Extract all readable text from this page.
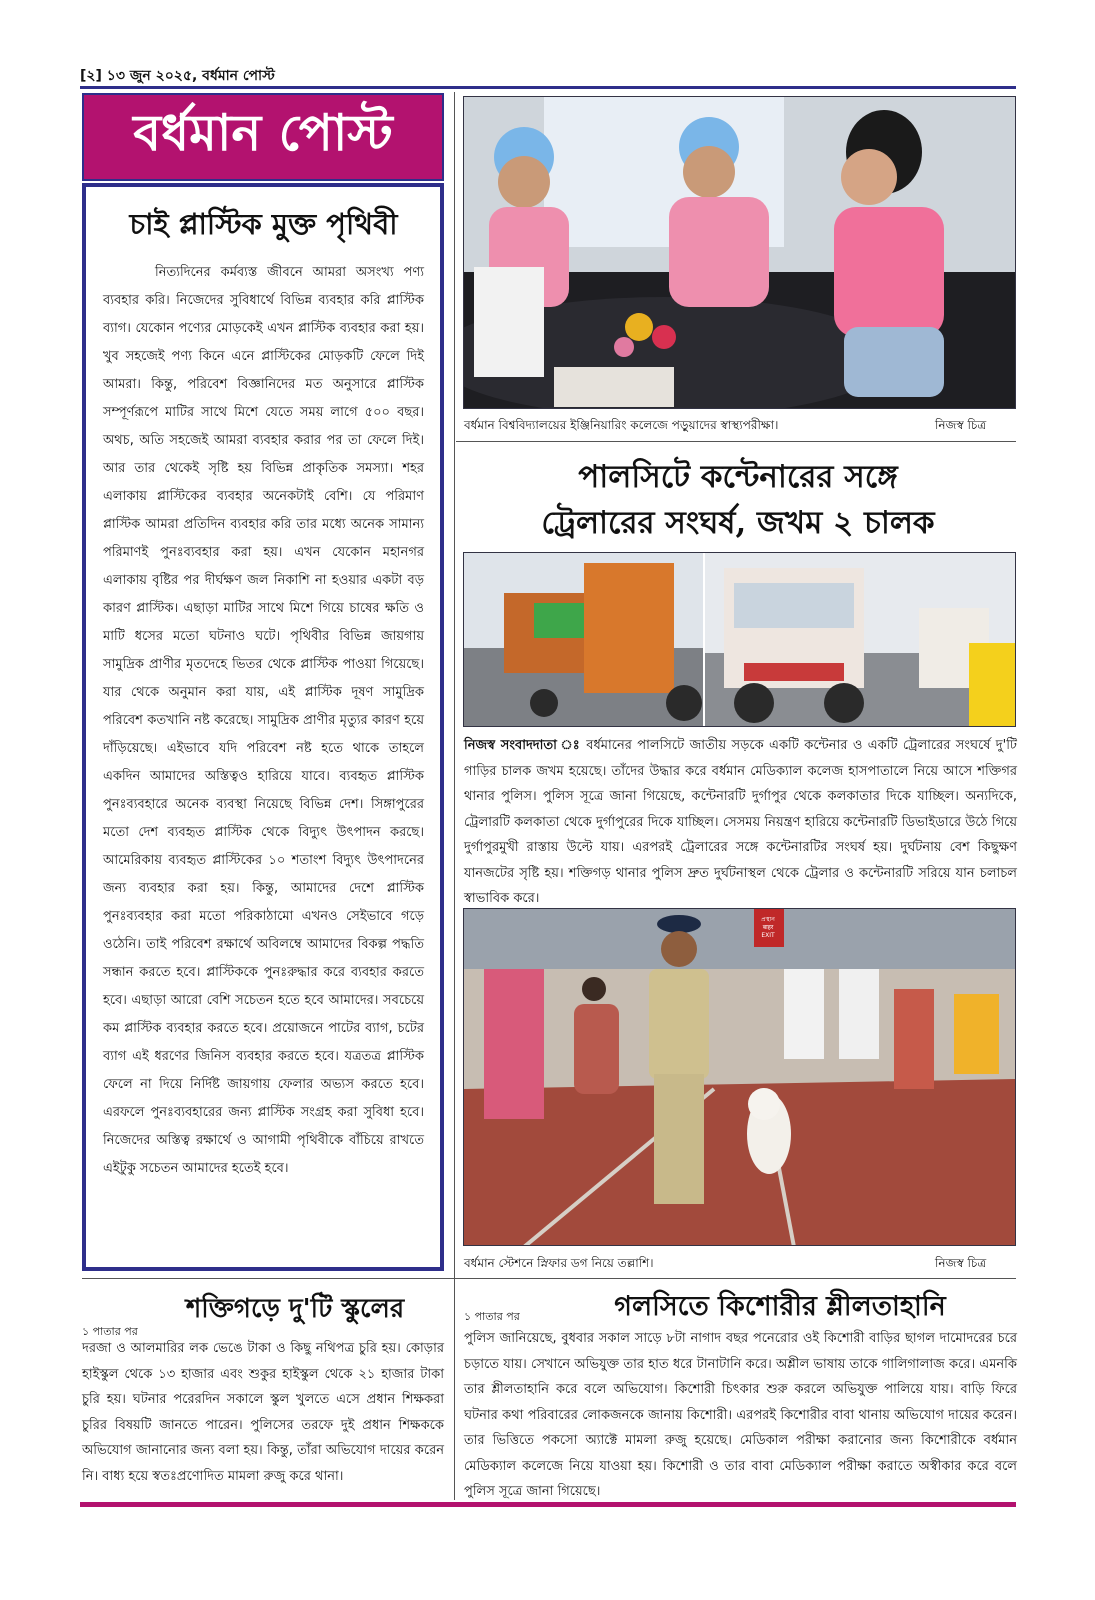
[২] ১৩ জুন ২০২৫, বর্ধমান পোস্ট
বর্ধমান পোস্ট
চাই প্লাস্টিক মুক্ত পৃথিবী
নিত্যদিনের কর্মব্যস্ত জীবনে আমরা অসংখ্য পণ্য ব্যবহার করি। নিজেদের সুবিধার্থে বিভিন্ন ব্যবহার করি প্লাস্টিক ব্যাগ। যেকোন পণ্যের মোড়কেই এখন প্লাস্টিক ব্যবহার করা হয়। খুব সহজেই পণ্য কিনে এনে প্লাস্টিকের মোড়কটি ফেলে দিই আমরা। কিন্তু, পরিবেশ বিজ্ঞানিদের মত অনুসারে প্লাস্টিক সম্পূর্ণরূপে মাটির সাথে মিশে যেতে সময় লাগে ৫০০ বছর। অথচ, অতি সহজেই আমরা ব্যবহার করার পর তা ফেলে দিই। আর তার থেকেই সৃষ্টি হয় বিভিন্ন প্রাকৃতিক সমস্যা। শহর এলাকায় প্লাস্টিকের ব্যবহার অনেকটাই বেশি। যে পরিমাণ প্লাস্টিক আমরা প্রতিদিন ব্যবহার করি তার মধ্যে অনেক সামান্য পরিমাণই পুনঃব্যবহার করা হয়। এখন যেকোন মহানগর এলাকায় বৃষ্টির পর দীর্ঘক্ষণ জল নিকাশি না হওয়ার একটা বড় কারণ প্লাস্টিক। এছাড়া মাটির সাথে মিশে গিয়ে চাষের ক্ষতি ও মাটি ধসের মতো ঘটনাও ঘটে। পৃথিবীর বিভিন্ন জায়গায় সামুদ্রিক প্রাণীর মৃতদেহে ভিতর থেকে প্লাস্টিক পাওয়া গিয়েছে। যার থেকে অনুমান করা যায়, এই প্লাস্টিক দূষণ সামুদ্রিক পরিবেশ কতখানি নষ্ট করেছে। সামুদ্রিক প্রাণীর মৃত্যুর কারণ হয়ে দাঁড়িয়েছে। এইভাবে যদি পরিবেশ নষ্ট হতে থাকে তাহলে একদিন আমাদের অস্তিত্বও হারিয়ে যাবে। ব্যবহৃত প্লাস্টিক পুনঃব্যবহারে অনেক ব্যবস্থা নিয়েছে বিভিন্ন দেশ। সিঙ্গাপুরের মতো দেশ ব্যবহৃত প্লাস্টিক থেকে বিদ্যুৎ উৎপাদন করছে। আমেরিকায় ব্যবহৃত প্লাস্টিকের ১০ শতাংশ বিদ্যুৎ উৎপাদনের জন্য ব্যবহার করা হয়। কিন্তু, আমাদের দেশে প্লাস্টিক পুনঃব্যবহার করা মতো পরিকাঠামো এখনও সেইভাবে গড়ে ওঠেনি। তাই পরিবেশ রক্ষার্থে অবিলম্বে আমাদের বিকল্প পদ্ধতি সন্ধান করতে হবে। প্লাস্টিককে পুনঃরুদ্ধার করে ব্যবহার করতে হবে। এছাড়া আরো বেশি সচেতন হতে হবে আমাদের। সবচেয়ে কম প্লাস্টিক ব্যবহার করতে হবে। প্রয়োজনে পাটের ব্যাগ, চটের ব্যাগ এই ধরণের জিনিস ব্যবহার করতে হবে। যত্রতত্র প্লাস্টিক ফেলে না দিয়ে নির্দিষ্ট জায়গায় ফেলার অভ্যস করতে হবে। এরফলে পুনঃব্যবহারের জন্য প্লাস্টিক সংগ্রহ করা সুবিধা হবে। নিজেদের অস্তিত্ব রক্ষার্থে ও আগামী পৃথিবীকে বাঁচিয়ে রাখতে এইটুকু সচেতন আমাদের হতেই হবে।
বর্ধমান বিশ্ববিদ্যালয়ের ইঞ্জিনিয়ারিং কলেজে পড়ুয়াদের স্বাস্থ্যপরীক্ষা।	নিজস্ব চিত্র
পালসিটে কন্টেনারের সঙ্গে
ট্রেলারের সংঘর্ষ, জখম ২ চালক
নিজস্ব সংবাদদাতা ঃ বর্ধমানের পালসিটে জাতীয় সড়কে একটি কন্টেনার ও একটি ট্রেলারের সংঘর্ষে দু'টি গাড়ির চালক জখম হয়েছে। তাঁদের উদ্ধার করে বর্ধমান মেডিক্যাল কলেজ হাসপাতালে নিয়ে আসে শক্তিগর থানার পুলিস। পুলিস সূত্রে জানা গিয়েছে, কন্টেনারটি দুর্গাপুর থেকে কলকাতার দিকে যাচ্ছিল। অন্যদিকে, ট্রেলারটি কলকাতা থেকে দুর্গাপুরের দিকে যাচ্ছিল। সেসময় নিয়ন্ত্রণ হারিয়ে কন্টেনারটি ডিভাইডারে উঠে গিয়ে দুর্গাপুরমুখী রাস্তায় উল্টে যায়। এরপরই ট্রেলারের সঙ্গে কন্টেনারটির সংঘর্ষ হয়। দুর্ঘটনায় বেশ কিছুক্ষণ যানজটের সৃষ্টি হয়। শক্তিগড় থানার পুলিস দ্রুত দুর্ঘটনাস্থল থেকে ট্রেলার ও কন্টেনারটি সরিয়ে যান চলাচল স্বাভাবিক করে।
প্রস্থান
बाहर
EXIT
বর্ধমান স্টেশনে স্নিফার ডগ নিয়ে তল্লাশি।	নিজস্ব চিত্র
শক্তিগড়ে দু'টি স্কুলের
১ পাতার পর
দরজা ও আলমারির লক ভেঙে টাকা ও কিছু নথিপত্র চুরি হয়। কোড়ার হাইস্কুল থেকে ১৩ হাজার এবং শুকুর হাইস্কুল থেকে ২১ হাজার টাকা চুরি হয়। ঘটনার পরেরদিন সকালে স্কুল খুলতে এসে প্রধান শিক্ষকরা চুরির বিষয়টি জানতে পারেন। পুলিসের তরফে দুই প্রধান শিক্ষককে অভিযোগ জানানোর জন্য বলা হয়। কিন্তু, তাঁরা অভিযোগ দায়ের করেন নি। বাধ্য হয়ে স্বতঃপ্রণোদিত মামলা রুজু করে থানা।
১ পাতার পর	গলসিতে কিশোরীর শ্লীলতাহানি
পুলিস জানিয়েছে, বুধবার সকাল সাড়ে ৮টা নাগাদ বছর পনেরোর ওই কিশোরী বাড়ির ছাগল দামোদরের চরে চড়াতে যায়। সেখানে অভিযুক্ত তার হাত ধরে টানাটানি করে। অশ্লীল ভাষায় তাকে গালিগালাজ করে। এমনকি তার শ্লীলতাহানি করে বলে অভিযোগ। কিশোরী চিৎকার শুরু করলে অভিযুক্ত পালিয়ে যায়। বাড়ি ফিরে ঘটনার কথা পরিবারের লোকজনকে জানায় কিশোরী। এরপরই কিশোরীর বাবা থানায় অভিযোগ দায়ের করেন। তার ভিত্তিতে পকসো অ্যাক্টে মামলা রুজু হয়েছে। মেডিকাল পরীক্ষা করানোর জন্য কিশোরীকে বর্ধমান মেডিক্যাল কলেজে নিয়ে যাওয়া হয়। কিশোরী ও তার বাবা মেডিক্যাল পরীক্ষা করাতে অস্বীকার করে বলে পুলিস সূত্রে জানা গিয়েছে।
